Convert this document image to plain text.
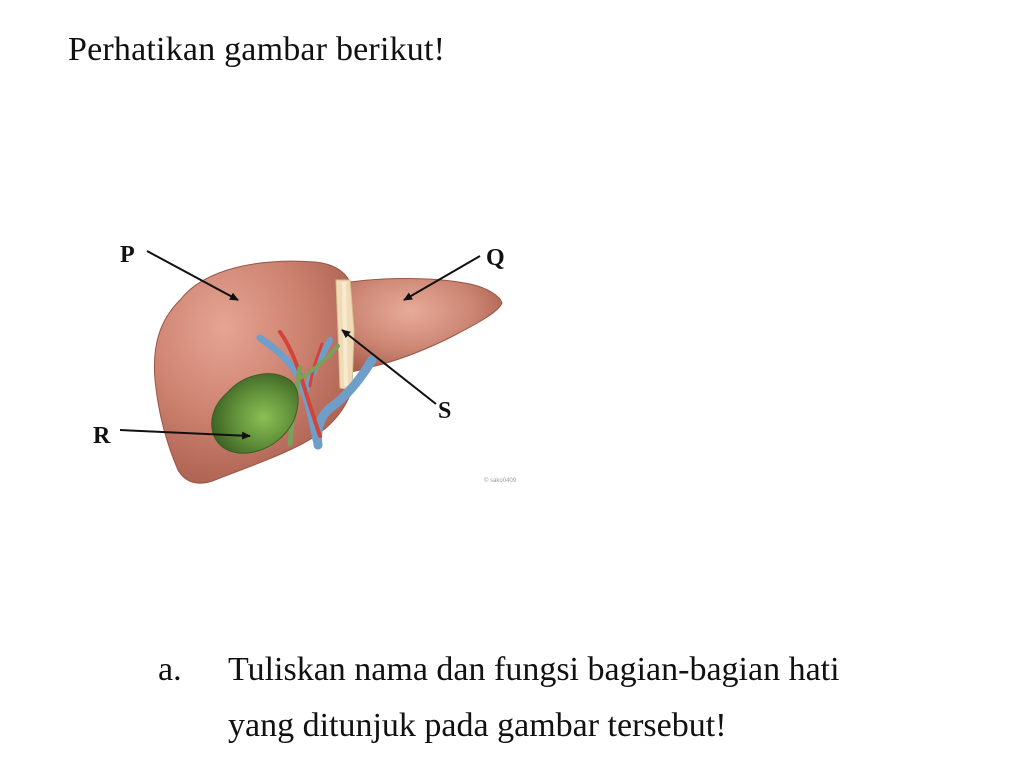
Perhatikan gambar berikut!
P	Q
R
S
© sako0409
a. Tuliskan nama dan fungsi bagian-bagian hati
yang ditunjuk pada gambar tersebut!
